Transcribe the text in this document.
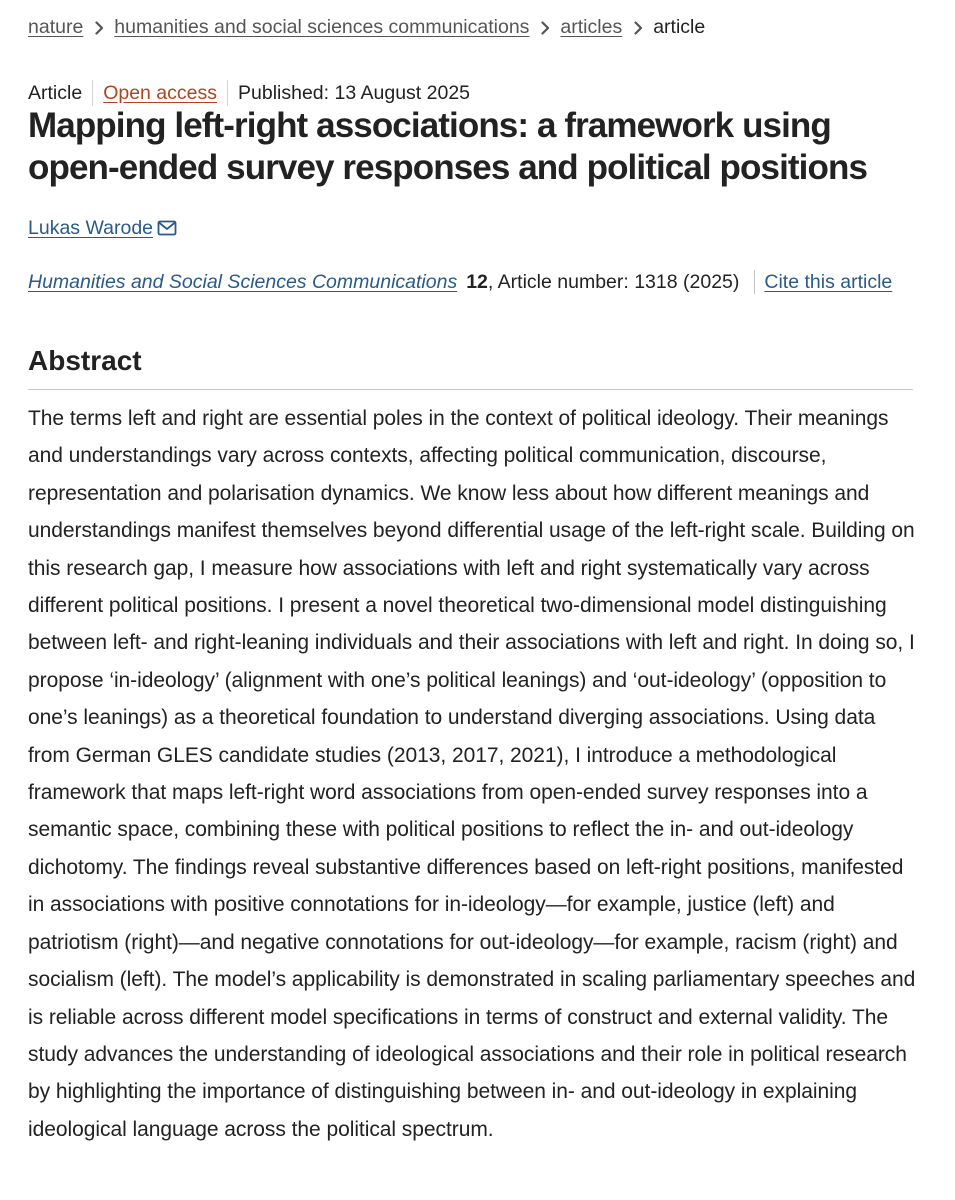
nature humanities and social sciences communications articles article
Article Open access Published: 13 August 2025
Mapping left-right associations: a framework using open-ended survey responses and political positions
Lukas Warode
Humanities and Social Sciences Communications 12 , Article number: 1318 (2025) Cite this article
Abstract

The terms left and right are essential poles in the context of political ideology. Their meanings and understandings vary across contexts, affecting political communication, discourse, representation and polarisation dynamics. We know less about how different meanings and understandings manifest themselves beyond differential usage of the left-right scale. Building on this research gap, I measure how associations with left and right systematically vary across different political positions. I present a novel theoretical two-dimensional model distinguishing between left- and right-leaning individuals and their associations with left and right. In doing so, I propose ‘in-ideology’ (alignment with one’s political leanings) and ‘out-ideology’ (opposition to one’s leanings) as a theoretical foundation to understand diverging associations. Using data from German GLES candidate studies (2013, 2017, 2021), I introduce a methodological framework that maps left-right word associations from open-ended survey responses into a semantic space, combining these with political positions to reflect the in- and out-ideology dichotomy. The findings reveal substantive differences based on left-right positions, manifested in associations with positive connotations for in-ideology—for example, justice (left) and patriotism (right)—and negative connotations for out-ideology—for example, racism (right) and socialism (left). The model’s applicability is demonstrated in scaling parliamentary speeches and is reliable across different model specifications in terms of construct and external validity. The study advances the understanding of ideological associations and their role in political research by highlighting the importance of distinguishing between in- and out-ideology in explaining ideological language across the political spectrum.
